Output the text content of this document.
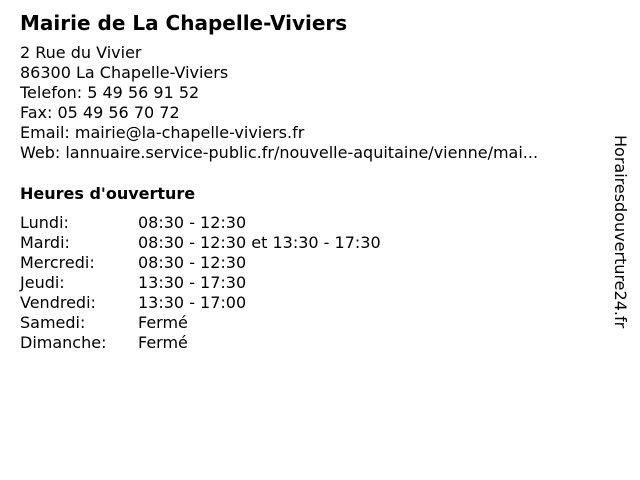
Mairie de La Chapelle-Viviers
2 Rue du Vivier
86300 La Chapelle-Viviers
Telefon: 5 49 56 91 52
Fax: 05 49 56 70 72
Email: mairie@la-chapelle-viviers.fr
Web: lannuaire.service-public.fr/nouvelle-aquitaine/vienne/mai...
Heures d'ouverture
Lundi:	08:30 - 12:30
Mardi:	08:30 - 12:30 et 13:30 - 17:30
Mercredi:	08:30 - 12:30
Jeudi:	13:30 - 17:30
Vendredi:	13:30 - 17:00
Samedi:	Fermé
Dimanche: Fermé
Horairesdouverture24.fr
